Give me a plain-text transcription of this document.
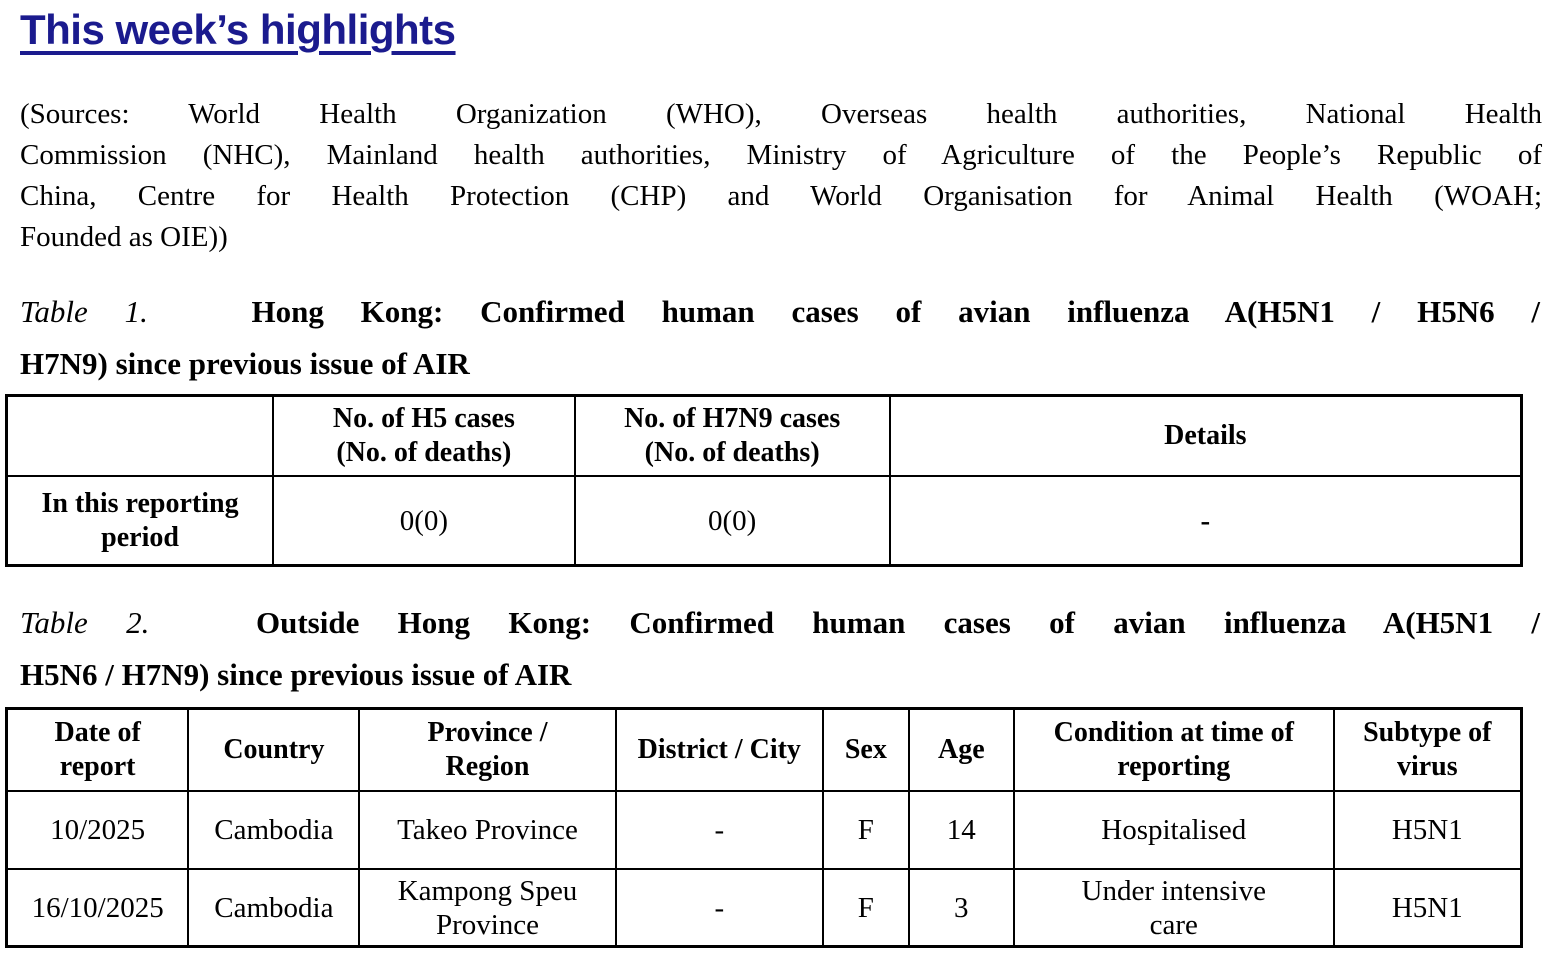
This week’s highlights
(Sources: World Health Organization (WHO), Overseas health authorities, National Health
Commission (NHC), Mainland health authorities, Ministry of Agriculture of the People’s Republic of
China, Centre for Health Protection (CHP) and World Organisation for Animal Health (WOAH;
Founded as OIE))
Table 1.	Hong Kong: Confirmed human cases of avian influenza A(H5N1 / H5N6 /
H7N9) since previous issue of AIR
	No. of H5 cases
(No. of deaths)	No. of H7N9 cases
(No. of deaths)	Details
In this reporting
period	0(0)	0(0)	-
Table 2.	Outside Hong Kong: Confirmed human cases of avian influenza A(H5N1 /
H5N6 / H7N9) since previous issue of AIR
Date of
report	Country	Province /
Region	District / City	Sex	Age	Condition at time of
reporting	Subtype of
virus
10/2025	Cambodia	Takeo Province	-	F	14	Hospitalised	H5N1
16/10/2025	Cambodia	Kampong Speu
Province	-	F	3	Under intensive
care	H5N1
